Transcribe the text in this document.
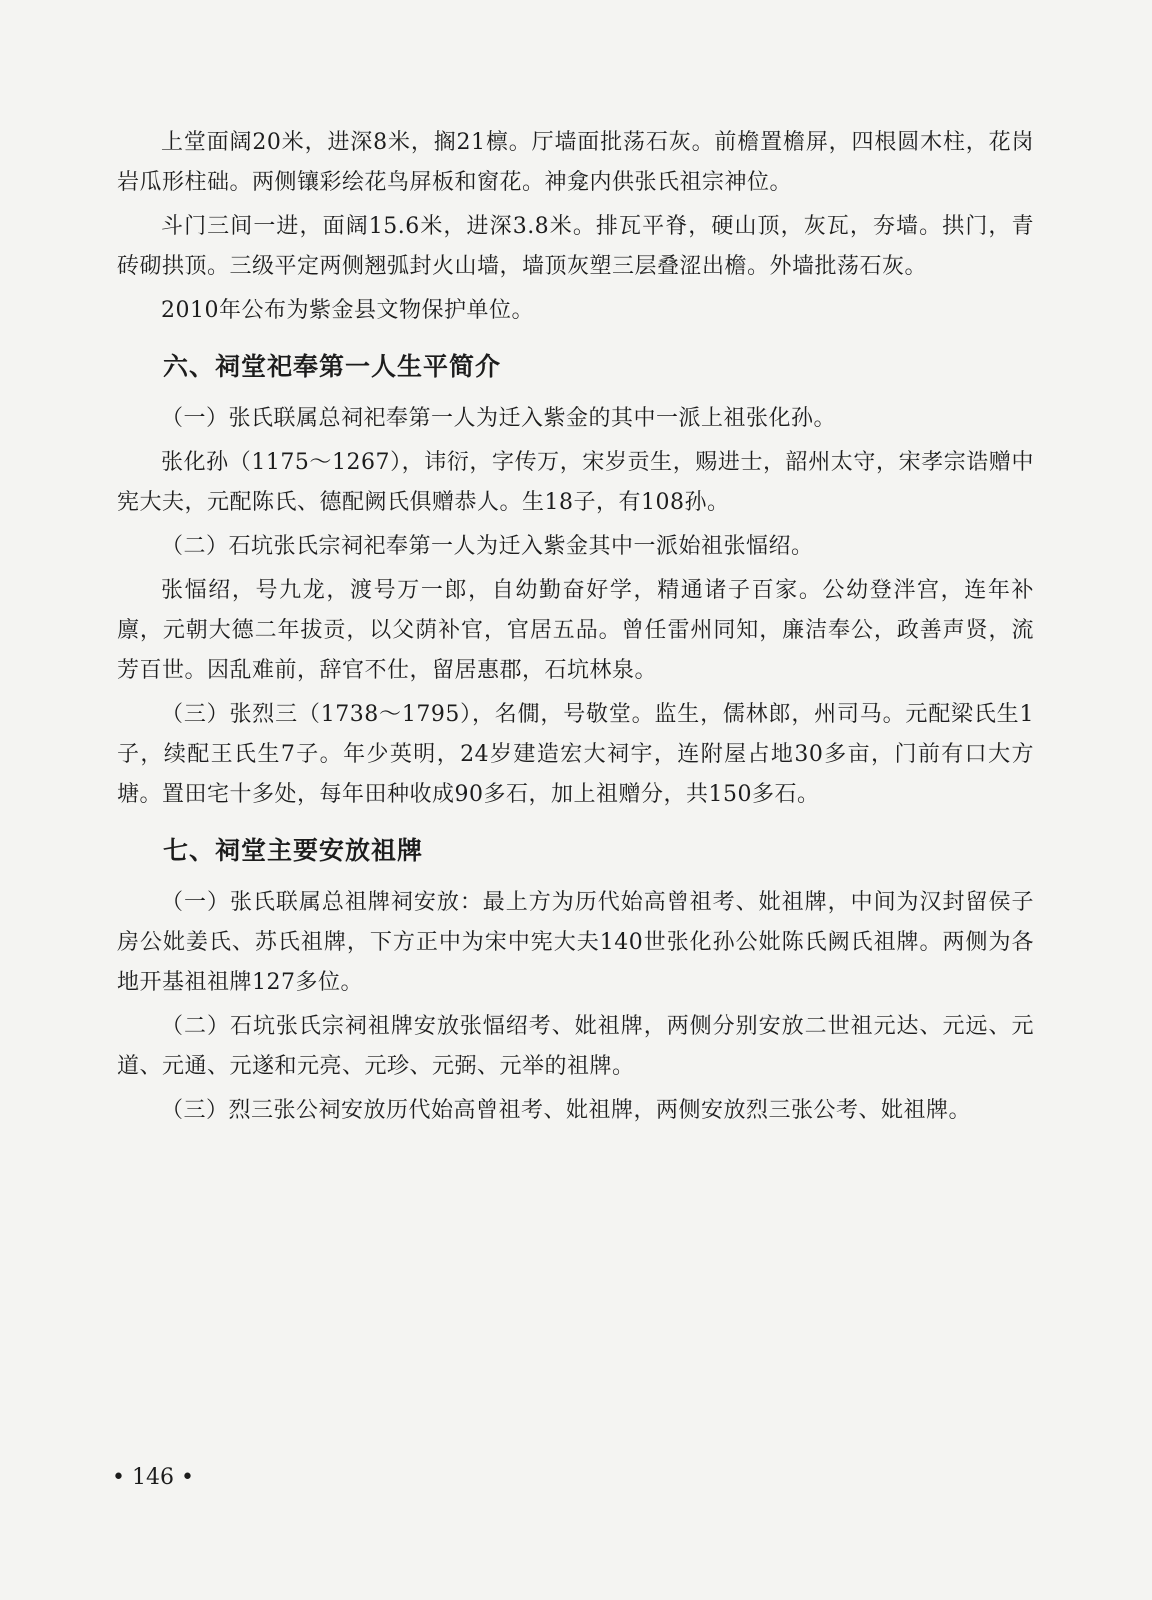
上堂面阔20米，进深8米，搁21檩。厅墙面批荡石灰。前檐置檐屏，四根圆木柱，花岗岩瓜形柱础。两侧镶彩绘花鸟屏板和窗花。神龛内供张氏祖宗神位。

斗门三间一进，面阔15.6米，进深3.8米。排瓦平脊，硬山顶，灰瓦，夯墙。拱门，青砖砌拱顶。三级平定两侧翘弧封火山墙，墙顶灰塑三层叠涩出檐。外墙批荡石灰。

2010年公布为紫金县文物保护单位。

六、祠堂祀奉第一人生平简介

（一）张氏联属总祠祀奉第一人为迁入紫金的其中一派上祖张化孙。

张化孙（1175～1267），讳衍，字传万，宋岁贡生，赐进士，韶州太守，宋孝宗诰赠中宪大夫，元配陈氏、德配阙氏俱赠恭人。生18子，有108孙。

（二）石坑张氏宗祠祀奉第一人为迁入紫金其中一派始祖张愊绍。

张愊绍，号九龙，渡号万一郎，自幼勤奋好学，精通诸子百家。公幼登泮宫，连年补廪，元朝大德二年拔贡，以父荫补官，官居五品。曾任雷州同知，廉洁奉公，政善声贤，流芳百世。因乱难前，辞官不仕，留居惠郡，石坑林泉。

（三）张烈三（1738～1795），名僩，号敬堂。监生，儒林郎，州司马。元配梁氏生1子，续配王氏生7子。年少英明，24岁建造宏大祠宇，连附屋占地30多亩，门前有口大方塘。置田宅十多处，每年田种收成90多石，加上祖赠分，共150多石。

七、祠堂主要安放祖牌

（一）张氏联属总祖牌祠安放：最上方为历代始高曾祖考、妣祖牌，中间为汉封留侯子房公妣姜氏、苏氏祖牌，下方正中为宋中宪大夫140世张化孙公妣陈氏阙氏祖牌。两侧为各地开基祖祖牌127多位。

（二）石坑张氏宗祠祖牌安放张愊绍考、妣祖牌，两侧分别安放二世祖元达、元远、元道、元通、元遂和元亮、元珍、元弼、元举的祖牌。

（三）烈三张公祠安放历代始高曾祖考、妣祖牌，两侧安放烈三张公考、妣祖牌。

• 146 •
